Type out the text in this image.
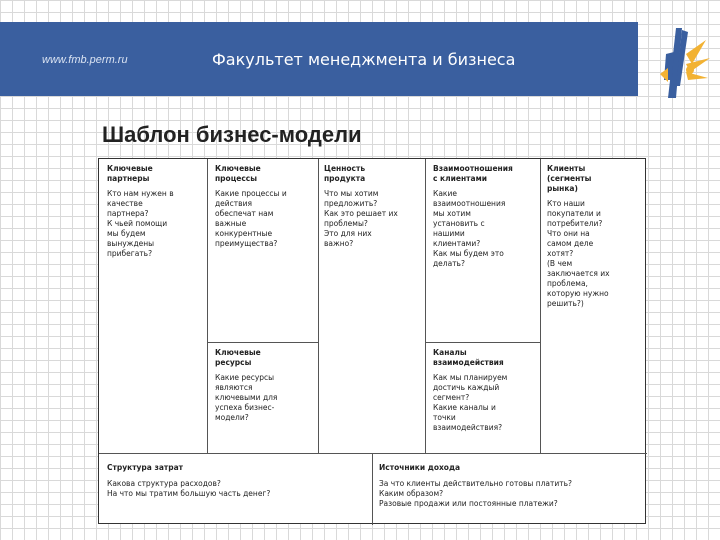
www.fmb.perm.ru	Факультет менеджмента и бизнеса
Шаблон бизнес-модели
Ключевые
партнеры
Кто нам нужен в
качестве
партнера?
К чьей помощи
мы будем
вынуждены
прибегать?
Ключевые
процессы
Какие процессы и
действия
обеспечат нам
важные
конкурентные
преимущества?
Ценность
продукта
Что мы хотим
предложить?
Как это решает их
проблемы?
Это для них
важно?
Взаимоотношения
с клиентами
Какие
взаимоотношения
мы хотим
установить с
нашими
клиентами?
Как мы будем это
делать?
Клиенты
(сегменты
рынка)
Кто наши
покупатели и
потребители?
Что они на
самом деле
хотят?
(В чем
заключается их
проблема,
которую нужно
решить?)
Ключевые
ресурсы
Какие ресурсы
являются
ключевыми для
успеха бизнес-
модели?
Каналы
взаимодействия
Как мы планируем
достичь каждый
сегмент?
Какие каналы и
точки
взаимодействия?
Структура затрат
Какова структура расходов?
На что мы тратим большую часть денег?
Источники дохода
За что клиенты действительно готовы платить?
Каким образом?
Разовые продажи или постоянные платежи?
